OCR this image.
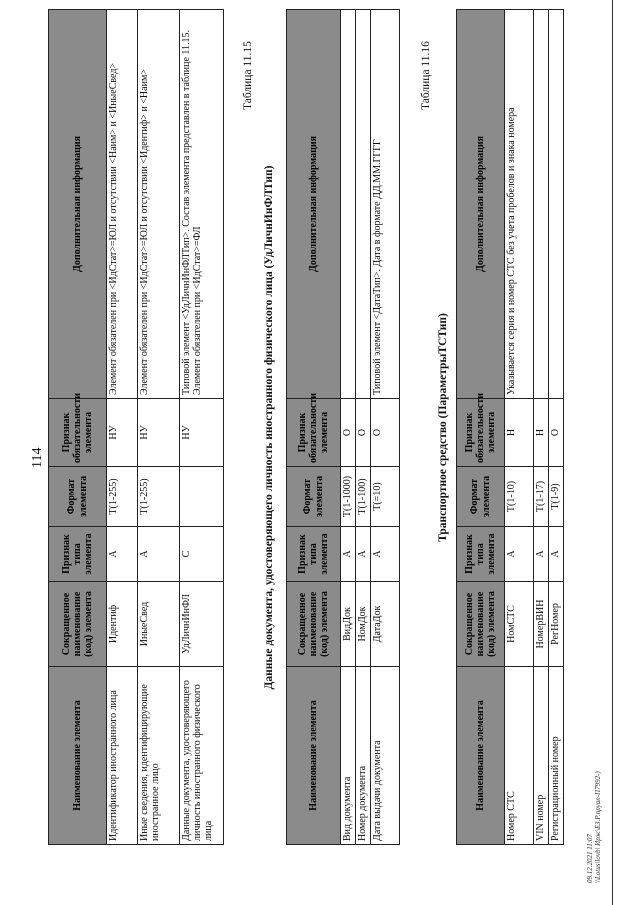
114
Наименование элемента	Сокращенное наименование (код) элемента	Признак типа элемента	Формат элемента	Признак обязательности элемента	Дополнительная информация
Идентификатор иностранного лица	Идентиф	А	T(1-255)	НУ	Элемент обязателен при <ИдСтат>=ЮЛ и отсутствии <Наим> и <ИныеСвед>
Иные сведения, идентифицирующие иностранное лицо	ИныеСвед	А	T(1-255)	НУ	Элемент обязателен при <ИдСтат>=ЮЛ и отсутствии <Идентиф> и <Наим>
Данные документа, удостоверяющего личность иностранного физического лица	УдЛичнИнФЛ	С		НУ	Типовой элемент <УдЛичнИнФЛТип>. Состав элемента представлен в таблице 11.15. Элемент обязателен при <ИдСтат>=ФЛ
Таблица 11.15
Данные документа, удостоверяющего личность иностранного физического лица (УдЛичнИнФЛТип)
Наименование элемента	Сокращенное наименование (код) элемента	Признак типа элемента	Формат элемента	Признак обязательности элемента	Дополнительная информация
Вид документа	ВидДок	А	T(1-1000)	О	
Номер документа	НомДок	А	T(1-100)	О	
Дата выдачи документа	ДатаДок	А	T(=10)	О	Типовой элемент <ДатаТип>. Дата в формате ДД.ММ.ГГГГ
Таблица 11.16
Транспортное средство (ПараметрыТСТип)
Наименование элемента	Сокращенное наименование (код) элемента	Признак типа элемента	Формат элемента	Признак обязательности элемента	Дополнительная информация
Номер СТС	НомСТС	А	T(1-10)	Н	Указывается серия и номер СТС без учета пробелов и знака номера
VIN номер	НомерВИН	А	T(1-17)	Н	
Регистрационный номер	РегНомер	А	T(1-9)	О	
09.12.2021 11:07 \\Lotus\lovb\ Ирж\ЕЗ.Р.пруап-П7992-)
